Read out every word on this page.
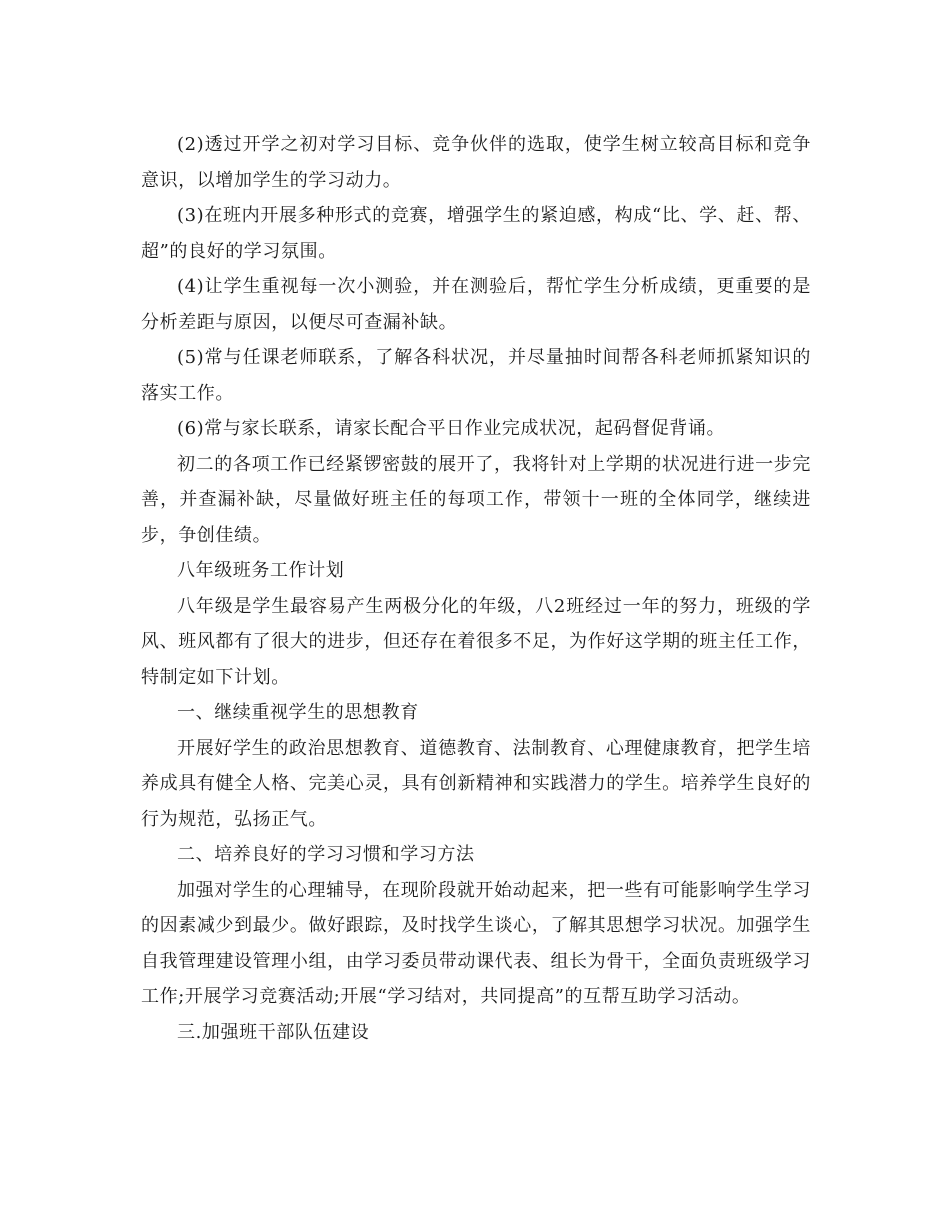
(2)透过开学之初对学习目标、竞争伙伴的选取，使学生树立较高目标和竞争意识，以增加学生的学习动力。

(3)在班内开展多种形式的竞赛，增强学生的紧迫感，构成“比、学、赶、帮、超”的良好的学习氛围。

(4)让学生重视每一次小测验，并在测验后，帮忙学生分析成绩，更重要的是分析差距与原因，以便尽可查漏补缺。

(5)常与任课老师联系，了解各科状况，并尽量抽时间帮各科老师抓紧知识的落实工作。

(6)常与家长联系，请家长配合平日作业完成状况，起码督促背诵。

初二的各项工作已经紧锣密鼓的展开了，我将针对上学期的状况进行进一步完善，并查漏补缺，尽量做好班主任的每项工作，带领十一班的全体同学，继续进步，争创佳绩。

八年级班务工作计划

八年级是学生最容易产生两极分化的年级，八2班经过一年的努力，班级的学风、班风都有了很大的进步，但还存在着很多不足，为作好这学期的班主任工作，特制定如下计划。

一、继续重视学生的思想教育

开展好学生的政治思想教育、道德教育、法制教育、心理健康教育，把学生培养成具有健全人格、完美心灵，具有创新精神和实践潜力的学生。培养学生良好的行为规范，弘扬正气。

二、培养良好的学习习惯和学习方法

加强对学生的心理辅导，在现阶段就开始动起来，把一些有可能影响学生学习的因素减少到最少。做好跟踪，及时找学生谈心，了解其思想学习状况。加强学生自我管理建设管理小组，由学习委员带动课代表、组长为骨干，全面负责班级学习工作;开展学习竞赛活动;开展“学习结对，共同提高”的互帮互助学习活动。

三.加强班干部队伍建设
